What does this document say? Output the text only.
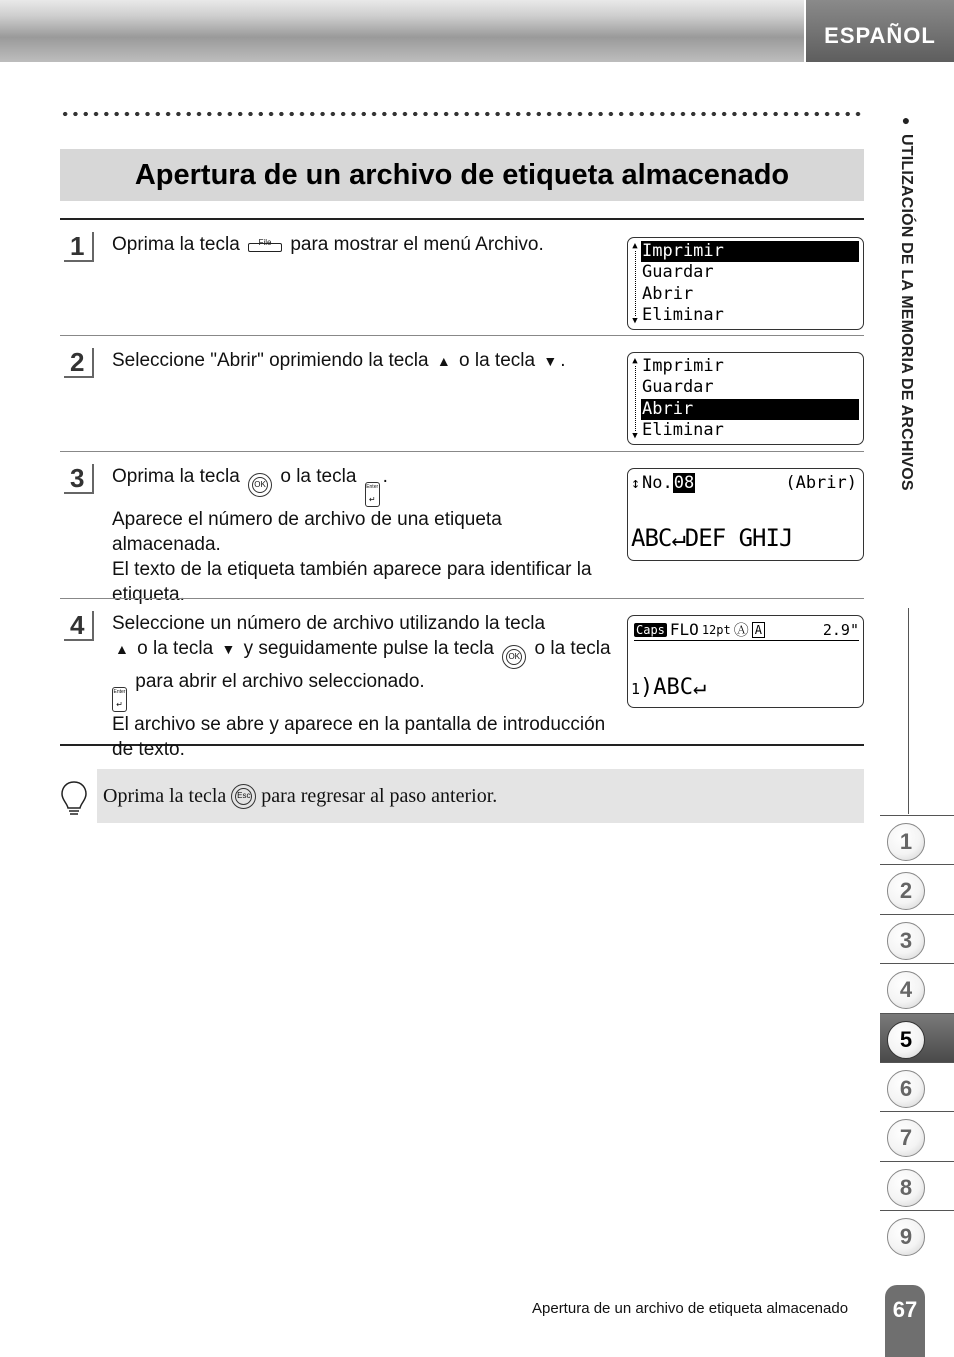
ESPAÑOL
Apertura de un archivo de etiqueta almacenado
●
UTILIZACIÓN DE LA MEMORIA DE ARCHIVOS
1	Oprima la tecla	File para mostrar el menú Archivo.	▲
▼
Imprimir
Guardar
Abrir
Eliminar
2	Seleccione "Abrir" oprimiendo la tecla ▲ o la tecla ▼ .	▲
▼
Imprimir
Guardar
Abrir
Eliminar
3	Oprima la tecla OK o la tecla Enter
↵
.
Aparece el número de archivo de una etiqueta almacenada.
El texto de la etiqueta también aparece para identificar la etiqueta.
↕ No.08	(Abrir)
ABC↵DEF GHIJ
4	Seleccione un número de archivo utilizando la tecla
▲ o la tecla ▼ y seguidamente pulse la tecla OK o la tecla
Enter
↵
para abrir el archivo seleccionado.
El archivo se abre y aparece en la pantalla de introducción de texto.
Caps FLO 12pt Ⓐ A	2.9"
1)ABC↵
Oprima la tecla	Esc para regresar al paso anterior.
1
2
3
4
5
6
7
8
9
Apertura de un archivo de etiqueta almacenado	67
